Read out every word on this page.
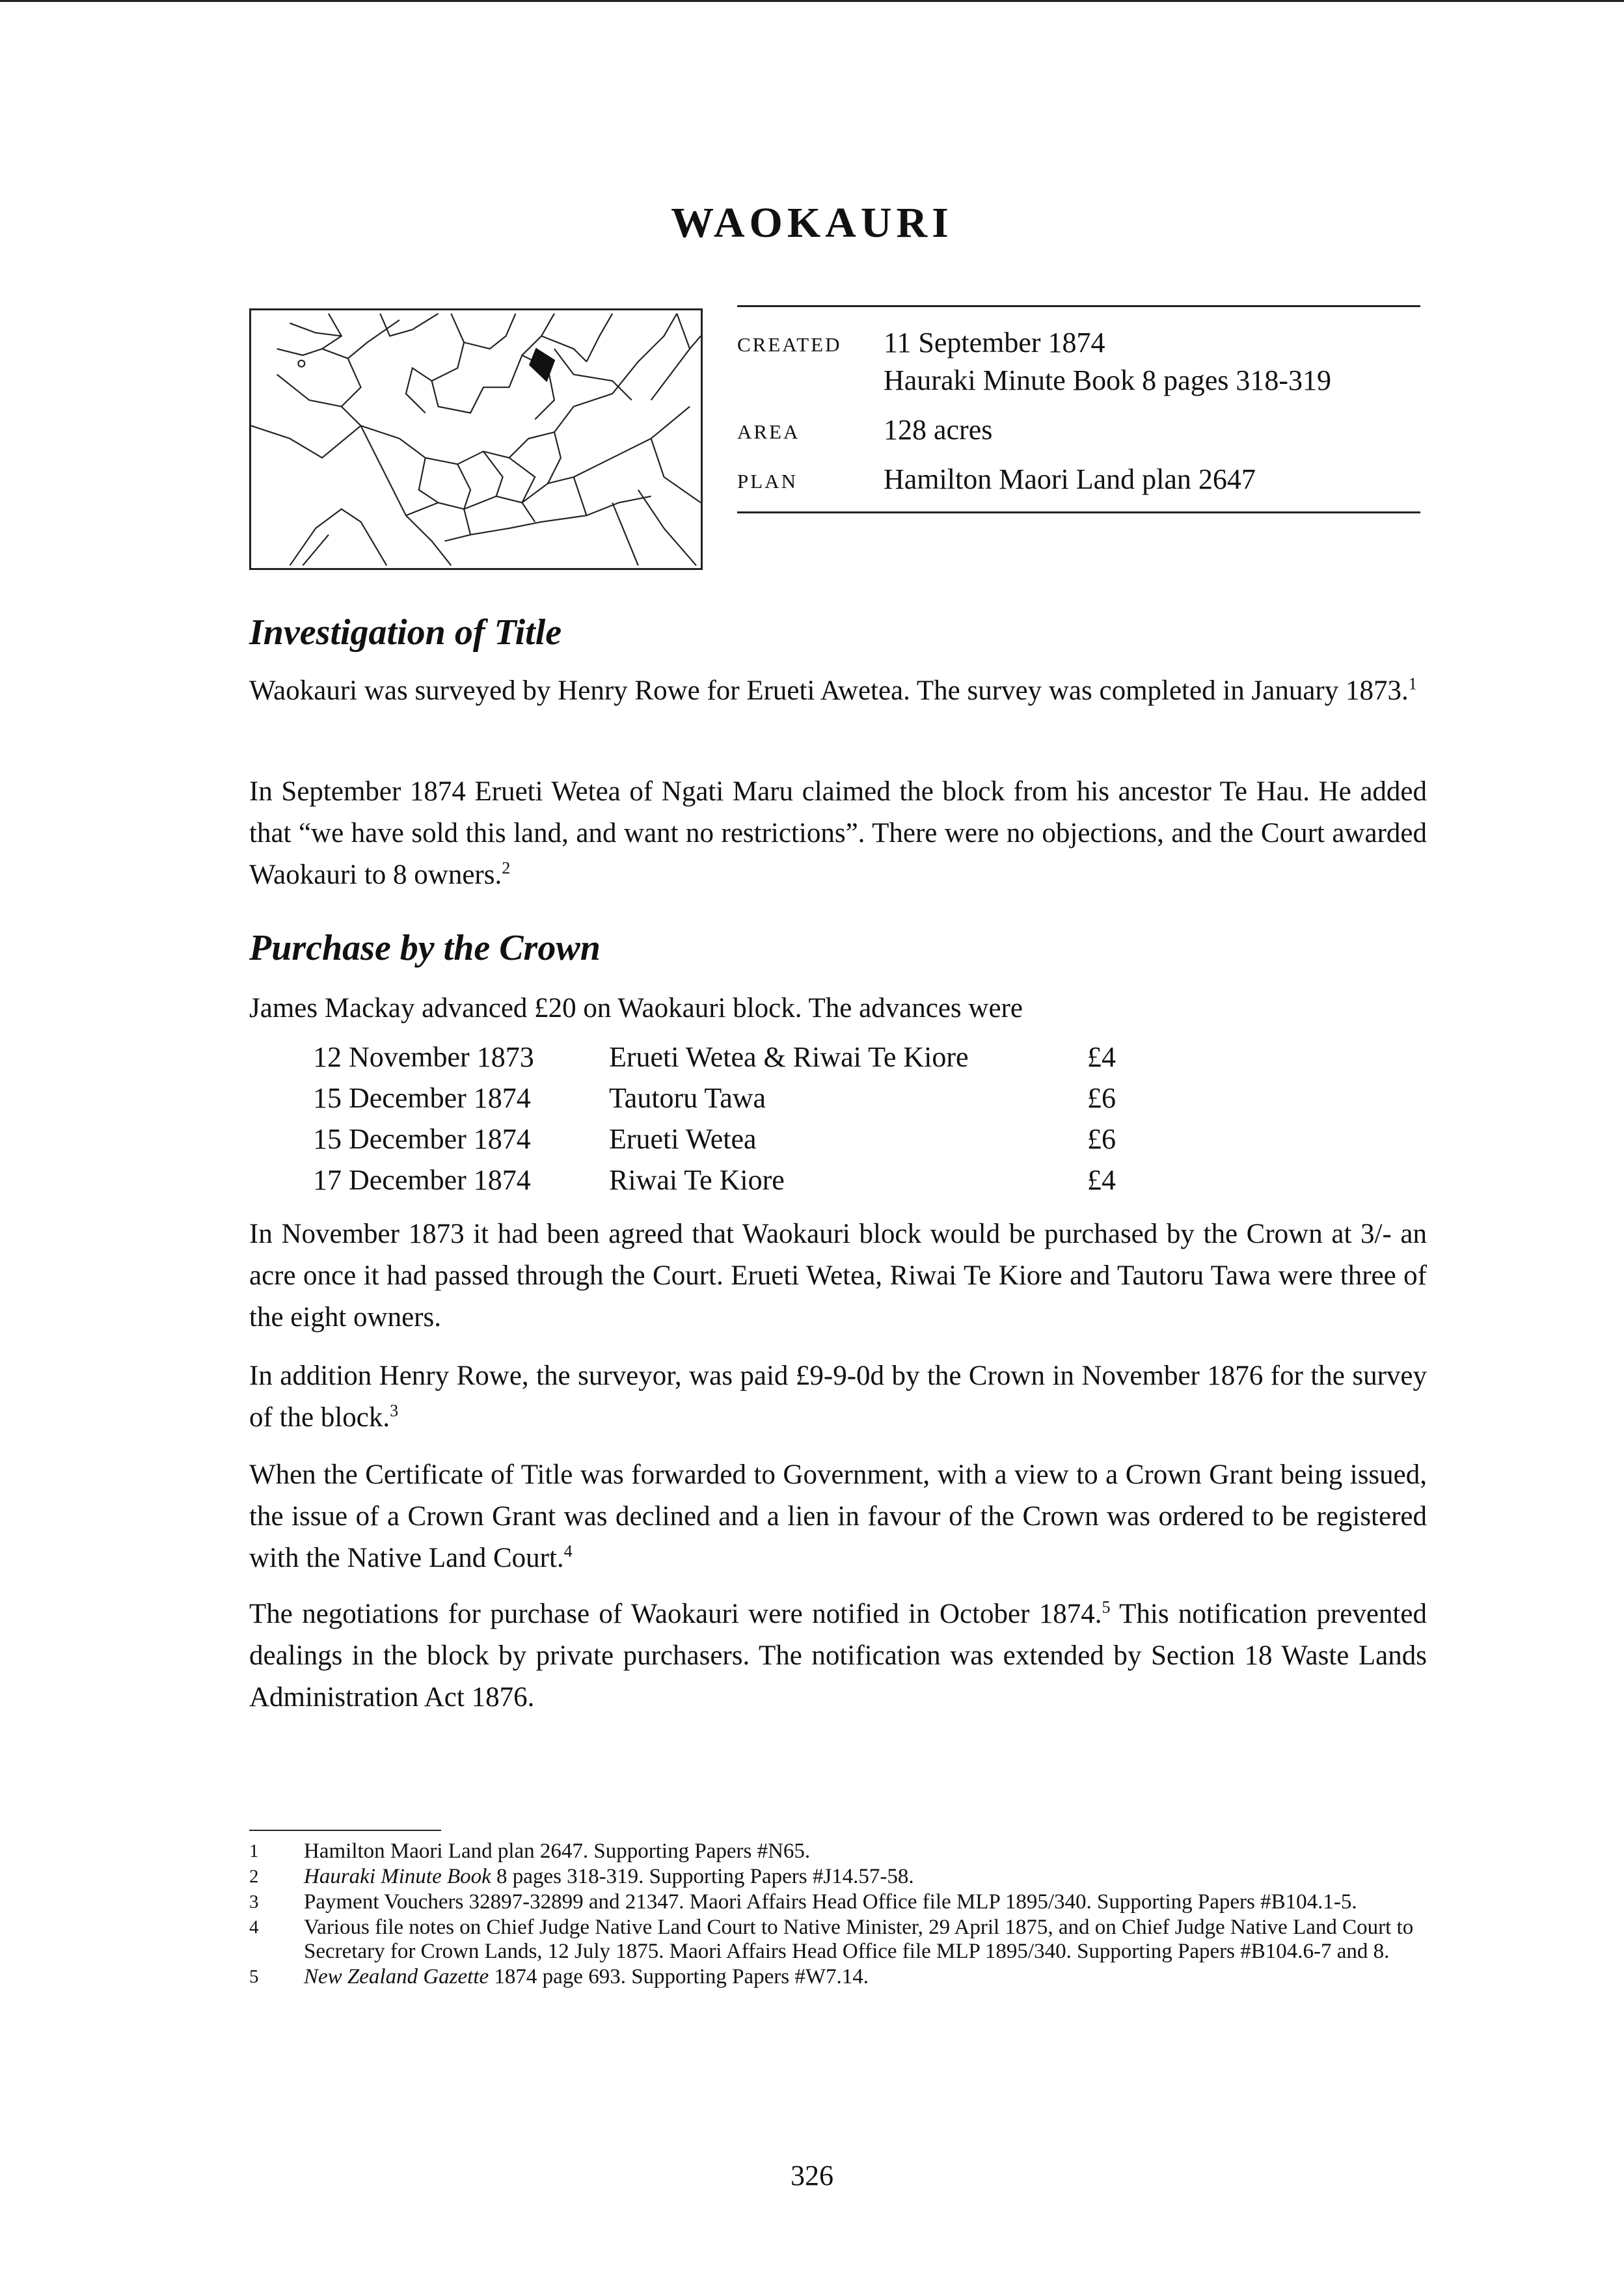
WAOKAURI
CREATED	11 September 1874
Hauraki Minute Book 8 pages 318-319
AREA	128 acres
PLAN	Hamilton Maori Land plan 2647
Investigation of Title

Waokauri was surveyed by Henry Rowe for Erueti Awetea. The survey was completed in January 1873.$^1$

In September 1874 Erueti Wetea of Ngati Maru claimed the block from his ancestor Te Hau. He added that “we have sold this land, and want no restrictions”. There were no objections, and the Court awarded Waokauri to 8 owners.$^2$

Purchase by the Crown

James Mackay advanced £20 on Waokauri block. The advances were

12 November 1873	Erueti Wetea & Riwai Te Kiore	£4
15 December 1874	Tautoru Tawa	£6
15 December 1874	Erueti Wetea	£6
17 December 1874	Riwai Te Kiore	£4

In November 1873 it had been agreed that Waokauri block would be purchased by the Crown at 3/- an acre once it had passed through the Court. Erueti Wetea, Riwai Te Kiore and Tautoru Tawa were three of the eight owners.

In addition Henry Rowe, the surveyor, was paid £9-9-0d by the Crown in November 1876 for the survey of the block.$^3$

When the Certificate of Title was forwarded to Government, with a view to a Crown Grant being issued, the issue of a Crown Grant was declined and a lien in favour of the Crown was ordered to be registered with the Native Land Court.$^4$

The negotiations for purchase of Waokauri were notified in October 1874.$^5$ This notification prevented dealings in the block by private purchasers. The notification was extended by Section 18 Waste Lands Administration Act 1876.

1	Hamilton Maori Land plan 2647. Supporting Papers #N65.
2	Hauraki Minute Book 8 pages 318-319. Supporting Papers #J14.57-58.
3	Payment Vouchers 32897-32899 and 21347. Maori Affairs Head Office file MLP 1895/340. Supporting Papers #B104.1-5.
4	Various file notes on Chief Judge Native Land Court to Native Minister, 29 April 1875, and on Chief Judge Native Land Court to Secretary for Crown Lands, 12 July 1875. Maori Affairs Head Office file MLP 1895/340. Supporting Papers #B104.6-7 and 8.
5	New Zealand Gazette 1874 page 693. Supporting Papers #W7.14.
326
